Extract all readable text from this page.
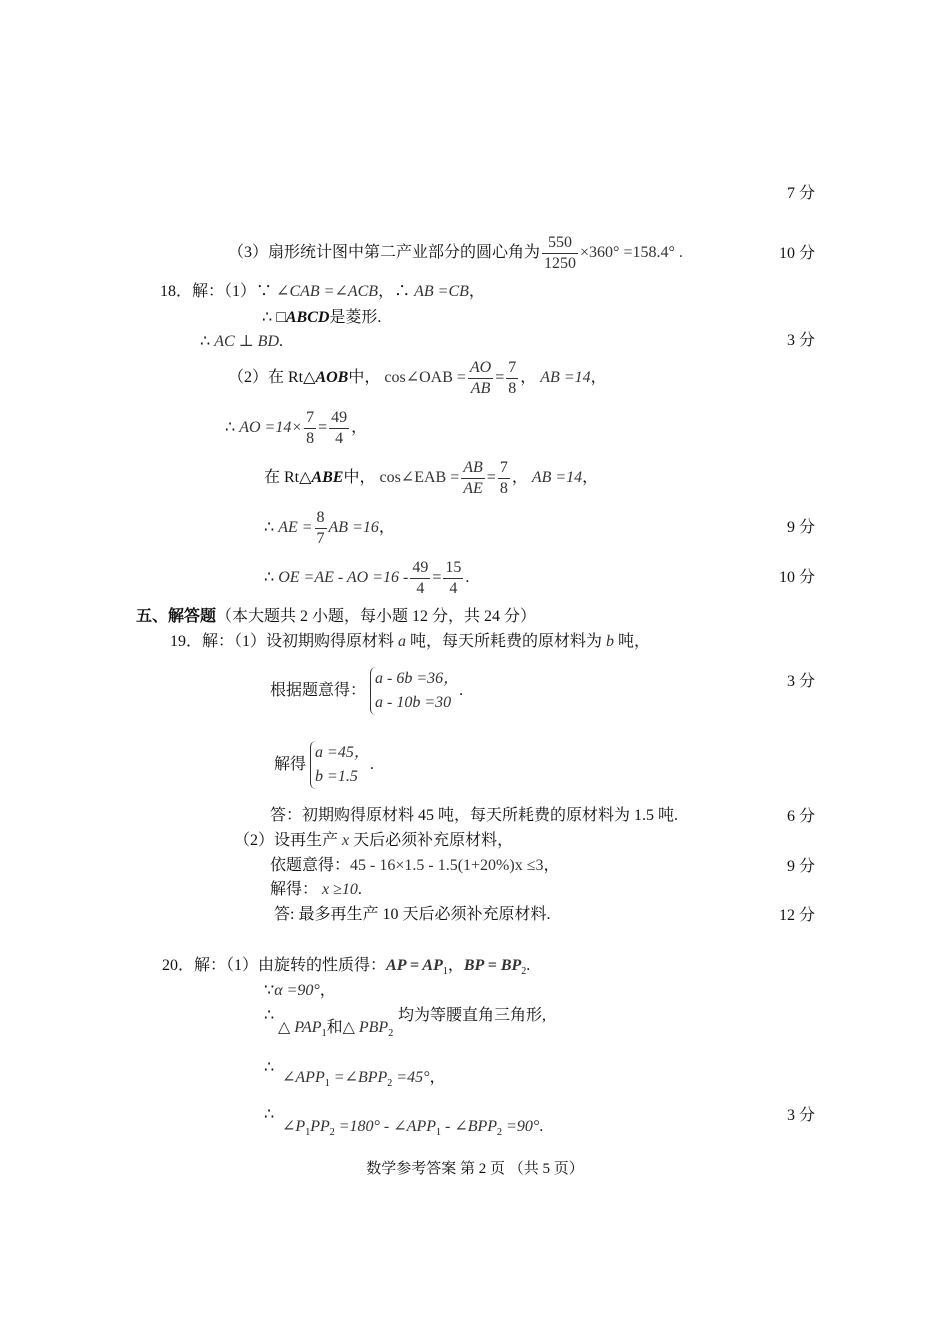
7 分
10 分
3 分
9 分
10 分
3 分
6 分
9 分
12 分
3 分
（3）扇形统计图中第二产业部分的圆心角为 $\frac{550}{1250} \times 360^\circ =158.4^\circ$ .
18．解：（1）∵ ∠CAB =∠ACB，∴ AB =CB，
∴ □ABCD是菱形.
∴ AC ⊥ BD.
（2）在 Rt△AOB中， cos∠OAB = $\frac{AO}{AB} = \frac{7}{8}$ ， AB =14，
∴ AO $=14\times \frac{7}{8} = \frac{49}{4}$ ，
在 Rt△ABE中， cos∠EAB = $\frac{AB}{AE} = \frac{7}{8}$ ， AB =14，
∴ AE = $\frac{8}{7}$ AB =16，
∴ OE =AE - AO $=16 - \frac{49}{4} = \frac{15}{4}$ .
五、解答题（本大题共 2 小题，每小题 12 分，共 24 分）
19．解：（1）设初期购得原材料 a 吨，每天所耗费的原材料为 b 吨，
根据题意得：
a - 6b =36，
a - 10b =30
.
解得
a =45，
b =1.5
.
答：初期购得原材料 45 吨，每天所耗费的原材料为 1.5 吨.
（2）设再生产 x 天后必须补充原材料，
依题意得：45 - 16×1.5 - 1.5(1+20%)x ≤3，
解得： x ≥10.
答: 最多再生产 10 天后必须补充原材料.
20．解：（1）由旋转的性质得：AP = $AP_1$，BP = $BP_2$.
∵α =90°，
∴
△ $PAP_1$和△ $PBP_2$
均为等腰直角三角形,
∴
$\angle APP_1$ $=\angle BPP_2 =45^\circ$，
∴
$\angle P_1PP_2 =180^\circ$ - $\angle APP_1$ - $\angle BPP_2 =90^\circ$.
数学参考答案 第 2 页 （共 5 页）
